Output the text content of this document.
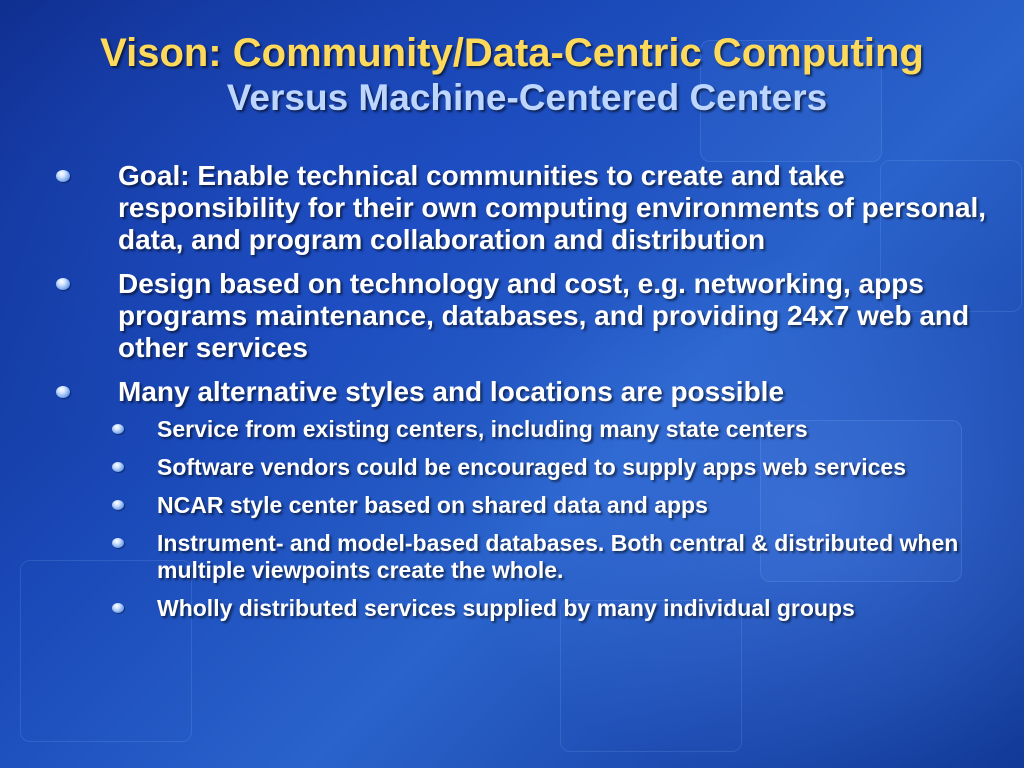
Vison: Community/Data-Centric Computing
Versus Machine-Centered Centers
Goal: Enable technical communities to create and take responsibility for their own computing environments of personal, data, and program collaboration and distribution
Design based on technology and cost, e.g. networking, apps programs maintenance, databases, and providing 24x7 web and other services
Many alternative styles and locations are possible
Service from existing centers, including many state centers
Software vendors could be encouraged to supply apps web services
NCAR style center based on shared data and apps
Instrument- and model-based databases. Both central & distributed when multiple viewpoints create the whole.
Wholly distributed services supplied by many individual groups
